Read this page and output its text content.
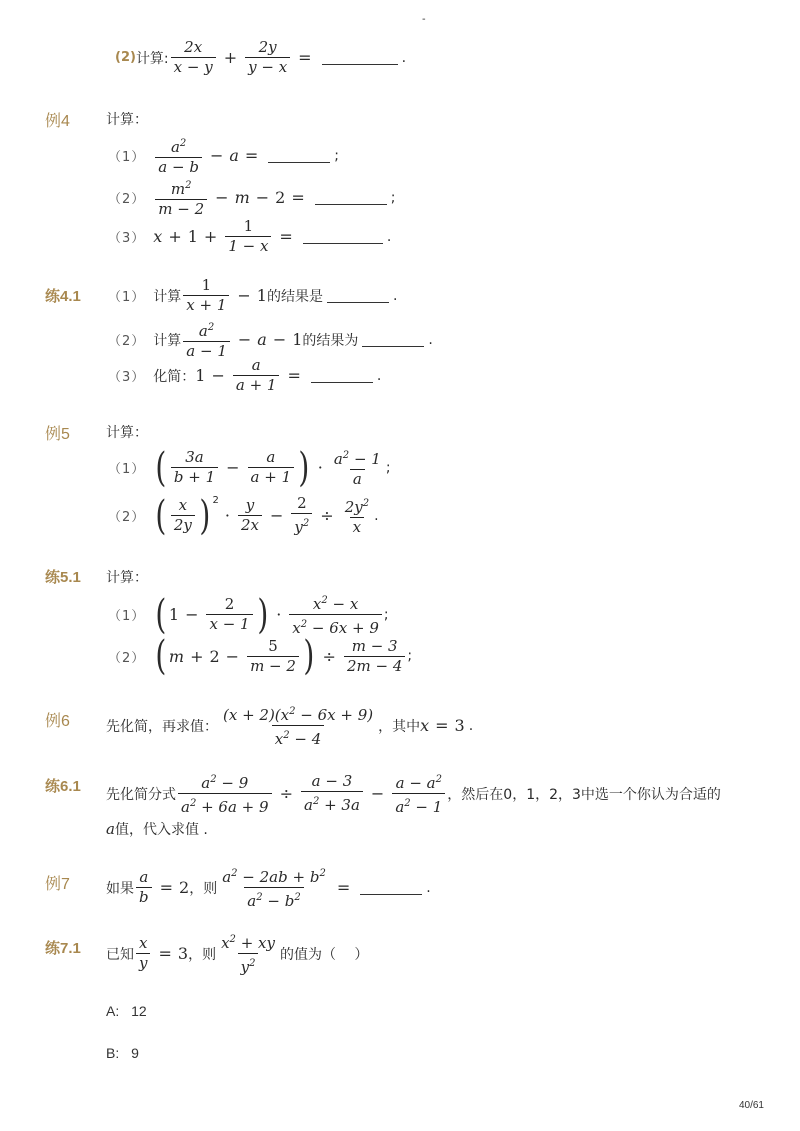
-
(2) 计算: $\frac{2x}{x - y} + \frac{2y}{y - x}$ =	.
例4	计算：
$(1) \frac{a^2}{a - b} - a$ =	;
$(2) \frac{m^2}{m - 2} - m - 2$ =	;
（3） $x + 1 + \frac{1}{1 - x}$ =	.
练4.1 （1） 计算 $\frac{1}{x + 1} - 1$ 的结果是	.
（2） 计算 $\frac{a^2}{a - 1} - a - 1$ 的结果为	.
（3） 化简： $1 - \frac{a}{a + 1}$ =	.
例5	计算：
（1） ( $\frac{3a}{b + 1} - \frac{a}{a + 1}$ ) · $\frac{a^2 - 1}{a}$ ;
（2） ( $\frac{x}{2y} )^2$
· $\frac{y}{2x} - \frac{2}{y^2} \div \frac{2y^2}{x}$ .
练5.1 计算：
（1） ( $1 - \frac{2}{x - 1}$ ) · $\frac{x^2 - x}{x^2 - 6x + 9}$ ;
（2） ( $m + 2 - \frac{5}{m - 2}$ ) ÷ $\frac{m - 3}{2m - 4}$ ;
例6	先化简，再求值： $\frac{(x + 2)(x^2 - 6x + 9)}{x^2 - 4}$ ，其中 x = 3 .
练6.1 先化简分式 $\frac{a^2 - 9}{a^2 + 6a + 9} \div \frac{a - 3}{a^2 + 3a} - \frac{a - a^2}{a^2 - 1}$ ，然后在0，1，2，3中选一个你认为合适的
a 值，代入求值 .
例7	如果 $\frac{a}{b} = 2$ ，则 $\frac{a^2 - 2ab + b^2}{a^2 - b^2}$ =	.
练7.1 已知 $\frac{x}{y} = 3$ ，则 $\frac{x^2 + xy}{y^2}$ 的值为（　 ）
A: 12
B: 9
40/61
